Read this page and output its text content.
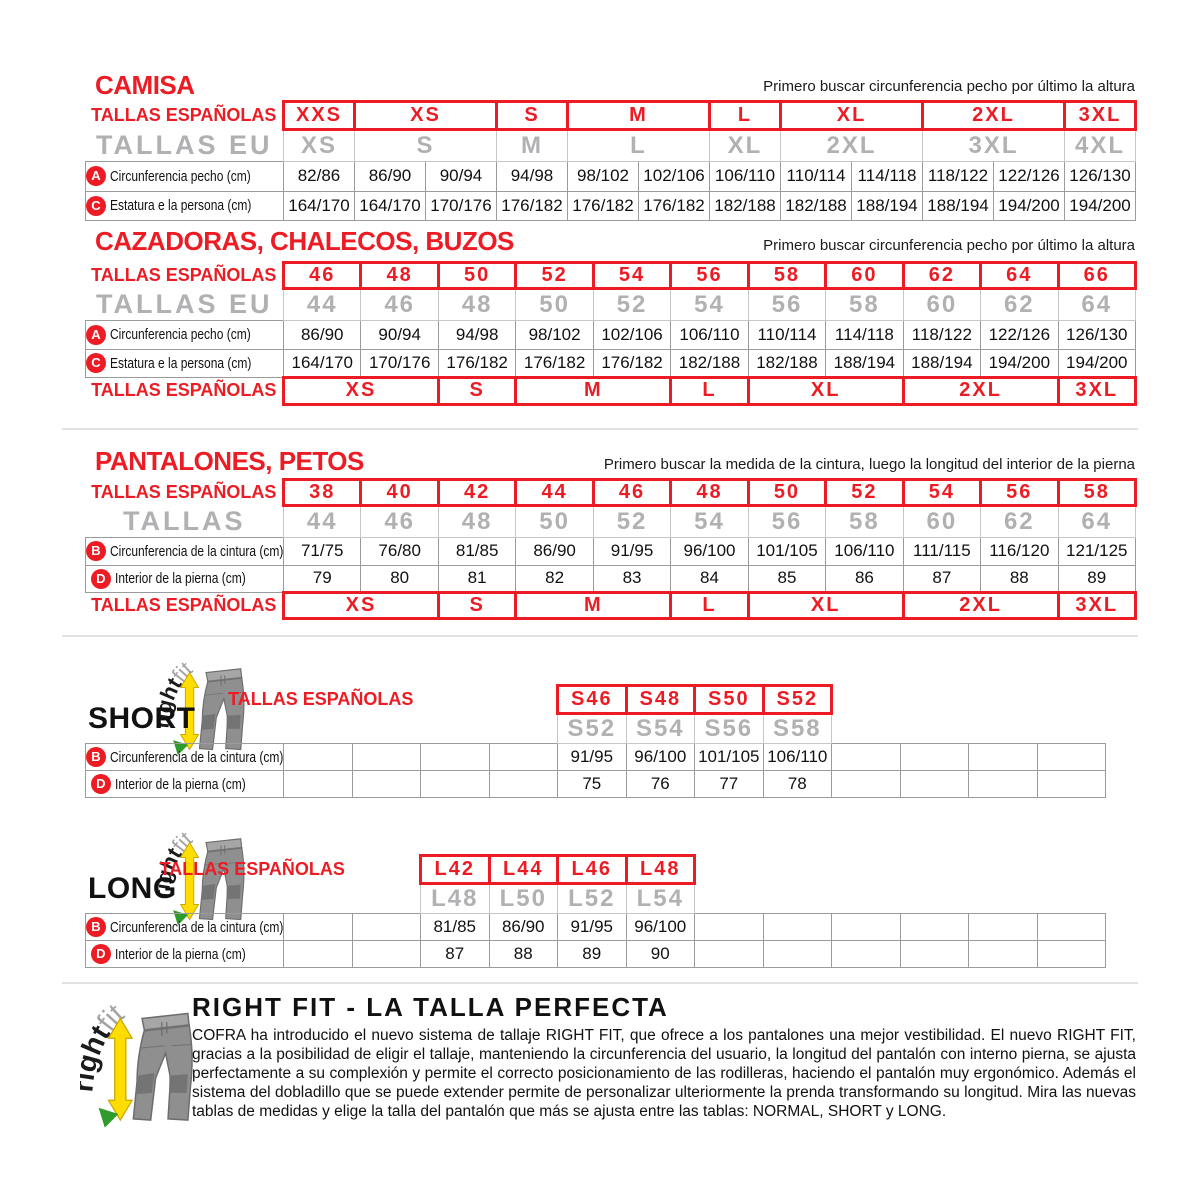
CAMISA	Primero buscar circunferencia pecho por último la altura
TALLAS ESPAÑOLAS	XXS	XS		S	M		L	XL		2XL		3XL
TALLAS EU	XS	S		M	L		XL	2XL		3XL		4XL
A Circunferencia pecho (cm)	82/86	86/90	90/94	94/98	98/102	102/106	106/110	110/114	114/118	118/122	122/126	126/130
C Estatura e la persona (cm)	164/170	164/170	170/176	176/182	176/182	176/182	182/188	182/188	188/194	188/194	194/200	194/200
CAZADORAS, CHALECOS, BUZOS	Primero buscar circunferencia pecho por último la altura
TALLAS ESPAÑOLAS	46	48	50	52	54	56	58	60	62	64	66
TALLAS EU	44	46	48	50	52	54	56	58	60	62	64
A Circunferencia pecho (cm)	86/90	90/94	94/98	98/102	102/106	106/110	110/114	114/118	118/122	122/126	126/130
C Estatura e la persona (cm)	164/170	170/176	176/182	176/182	176/182	182/188	182/188	188/194	188/194	194/200	194/200
TALLAS ESPAÑOLAS	XS		S	M		L	XL		2XL		3XL
PANTALONES, PETOS	Primero buscar la medida de la cintura, luego la longitud del interior de la pierna
TALLAS ESPAÑOLAS	38	40	42	44	46	48	50	52	54	56	58
TALLAS	44	46	48	50	52	54	56	58	60	62	64
B Circunferencia de la cintura (cm)	71/75	76/80	81/85	86/90	91/95	96/100	101/105	106/110	111/115	116/120	121/125
D Interior de la pierna (cm)	79	80	81	82	83	84	85	86	87	88	89
TALLAS ESPAÑOLAS	XS		S	M		L	XL		2XL		3XL
SHORT
TALLAS ESPAÑOLAS					S46	S48	S50	S52				
					S52	S54	S56	S58				
B Circunferencia de la cintura (cm)					91/95	96/100	101/105	106/110				
D Interior de la pierna (cm)					75	76	77	78				
LONG
TALLAS ESPAÑOLAS			L42	L44	L46	L48						
			L48	L50	L52	L54						
B Circunferencia de la cintura (cm)			81/85	86/90	91/95	96/100						
D Interior de la pierna (cm)			87	88	89	90						
RIGHT FIT - LA TALLA PERFECTA

COFRA ha introducido el nuevo sistema de tallaje RIGHT FIT, que ofrece a los pantalones una mejor vestibilidad. El nuevo RIGHT FIT, gracias a la posibilidad de eligir el tallaje, manteniendo la circunferencia del usuario, la longitud del pantalón con interno pierna, se ajusta perfectamente a su complexión y permite el correcto posicionamiento de las rodilleras, haciendo el pantalón muy ergonómico. Además el sistema del dobladillo que se puede extender permite de personalizar ulteriormente la prenda transformando su longitud. Mira las nuevas tablas de medidas y elige la talla del pantalón que más se ajusta entre las tablas: NORMAL, SHORT y LONG.
